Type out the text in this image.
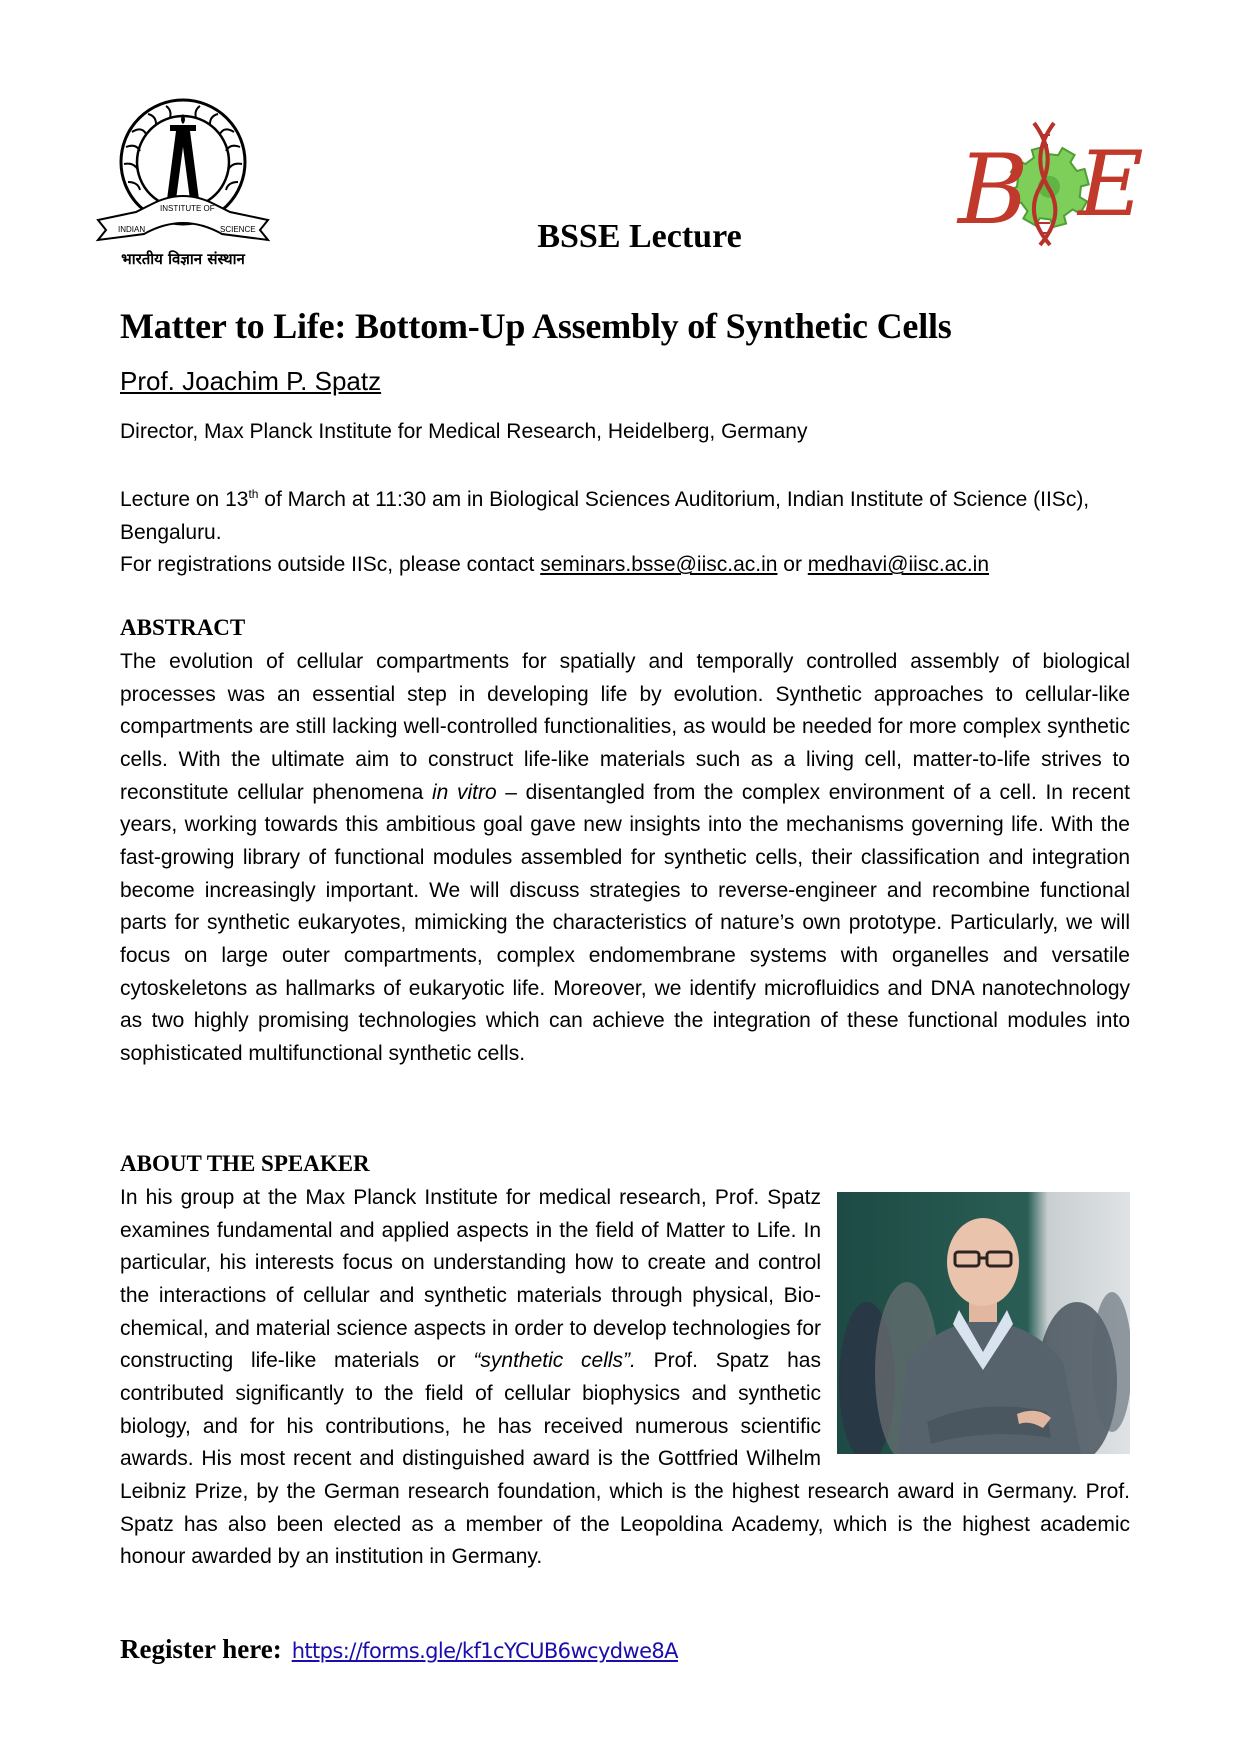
INDIAN
INSTITUTE OF
SCIENCE
भारतीय विज्ञान संस्थान
B E
BSSE Lecture
Matter to Life: Bottom-Up Assembly of Synthetic Cells
Prof. Joachim P. Spatz
Director, Max Planck Institute for Medical Research, Heidelberg, Germany
Lecture on 13th of March at 11:30 am in Biological Sciences Auditorium, Indian Institute of Science (IISc), Bengaluru.
For registrations outside IISc, please contact seminars.bsse@iisc.ac.in or medhavi@iisc.ac.in
ABSTRACT
The evolution of cellular compartments for spatially and temporally controlled assembly of biological processes was an essential step in developing life by evolution. Synthetic approaches to cellular-like compartments are still lacking well-controlled functionalities, as would be needed for more complex synthetic cells. With the ultimate aim to construct life-like materials such as a living cell, matter-to-life strives to reconstitute cellular phenomena in vitro – disentangled from the complex environment of a cell. In recent years, working towards this ambitious goal gave new insights into the mechanisms governing life. With the fast-growing library of functional modules assembled for synthetic cells, their classification and integration become increasingly important. We will discuss strategies to reverse-engineer and recombine functional parts for synthetic eukaryotes, mimicking the characteristics of nature’s own prototype. Particularly, we will focus on large outer compartments, complex endomembrane systems with organelles and versatile cytoskeletons as hallmarks of eukaryotic life. Moreover, we identify microfluidics and DNA nanotechnology as two highly promising technologies which can achieve the integration of these functional modules into sophisticated multifunctional synthetic cells.
ABOUT THE SPEAKER
In his group at the Max Planck Institute for medical research, Prof. Spatz examines fundamental and applied aspects in the field of Matter to Life. In particular, his interests focus on understanding how to create and control the interactions of cellular and synthetic materials through physical, Bio-chemical, and material science aspects in order to develop technologies for constructing life-like materials or “synthetic cells”. Prof. Spatz has contributed significantly to the field of cellular biophysics and synthetic biology, and for his contributions, he has received numerous scientific awards. His most recent and distinguished award is the Gottfried Wilhelm Leibniz Prize, by the German research foundation, which is the highest research award in Germany. Prof. Spatz has also been elected as a member of the Leopoldina Academy, which is the highest academic honour awarded by an institution in Germany.
Register here: https://forms.gle/kf1cYCUB6wcydwe8A
